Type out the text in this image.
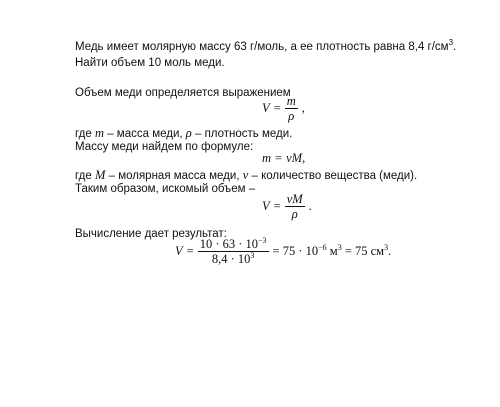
Медь имеет молярную массу 63 г/моль, а ее плотность равна 8,4 $г/см^3$.
Найти объем 10 моль меди.
Объем меди определяется выражением
$V = \frac{m}{\rho}$ ,
где m – масса меди, ρ – плотность меди.
Массу меди найдем по формуле:
m = νM ,
где M – молярная масса меди, ν – количество вещества (меди).
Таким образом, искомый объем –
$V = \frac{\nu M}{\rho}$ .
Вычисление дает результат:
$V = \frac{10 \cdot 63 \cdot 10^{-3}}{8,4 \cdot 10^3} = 75 \cdot 10^{-6}$ $м^3 = 75$ $см^3$.
